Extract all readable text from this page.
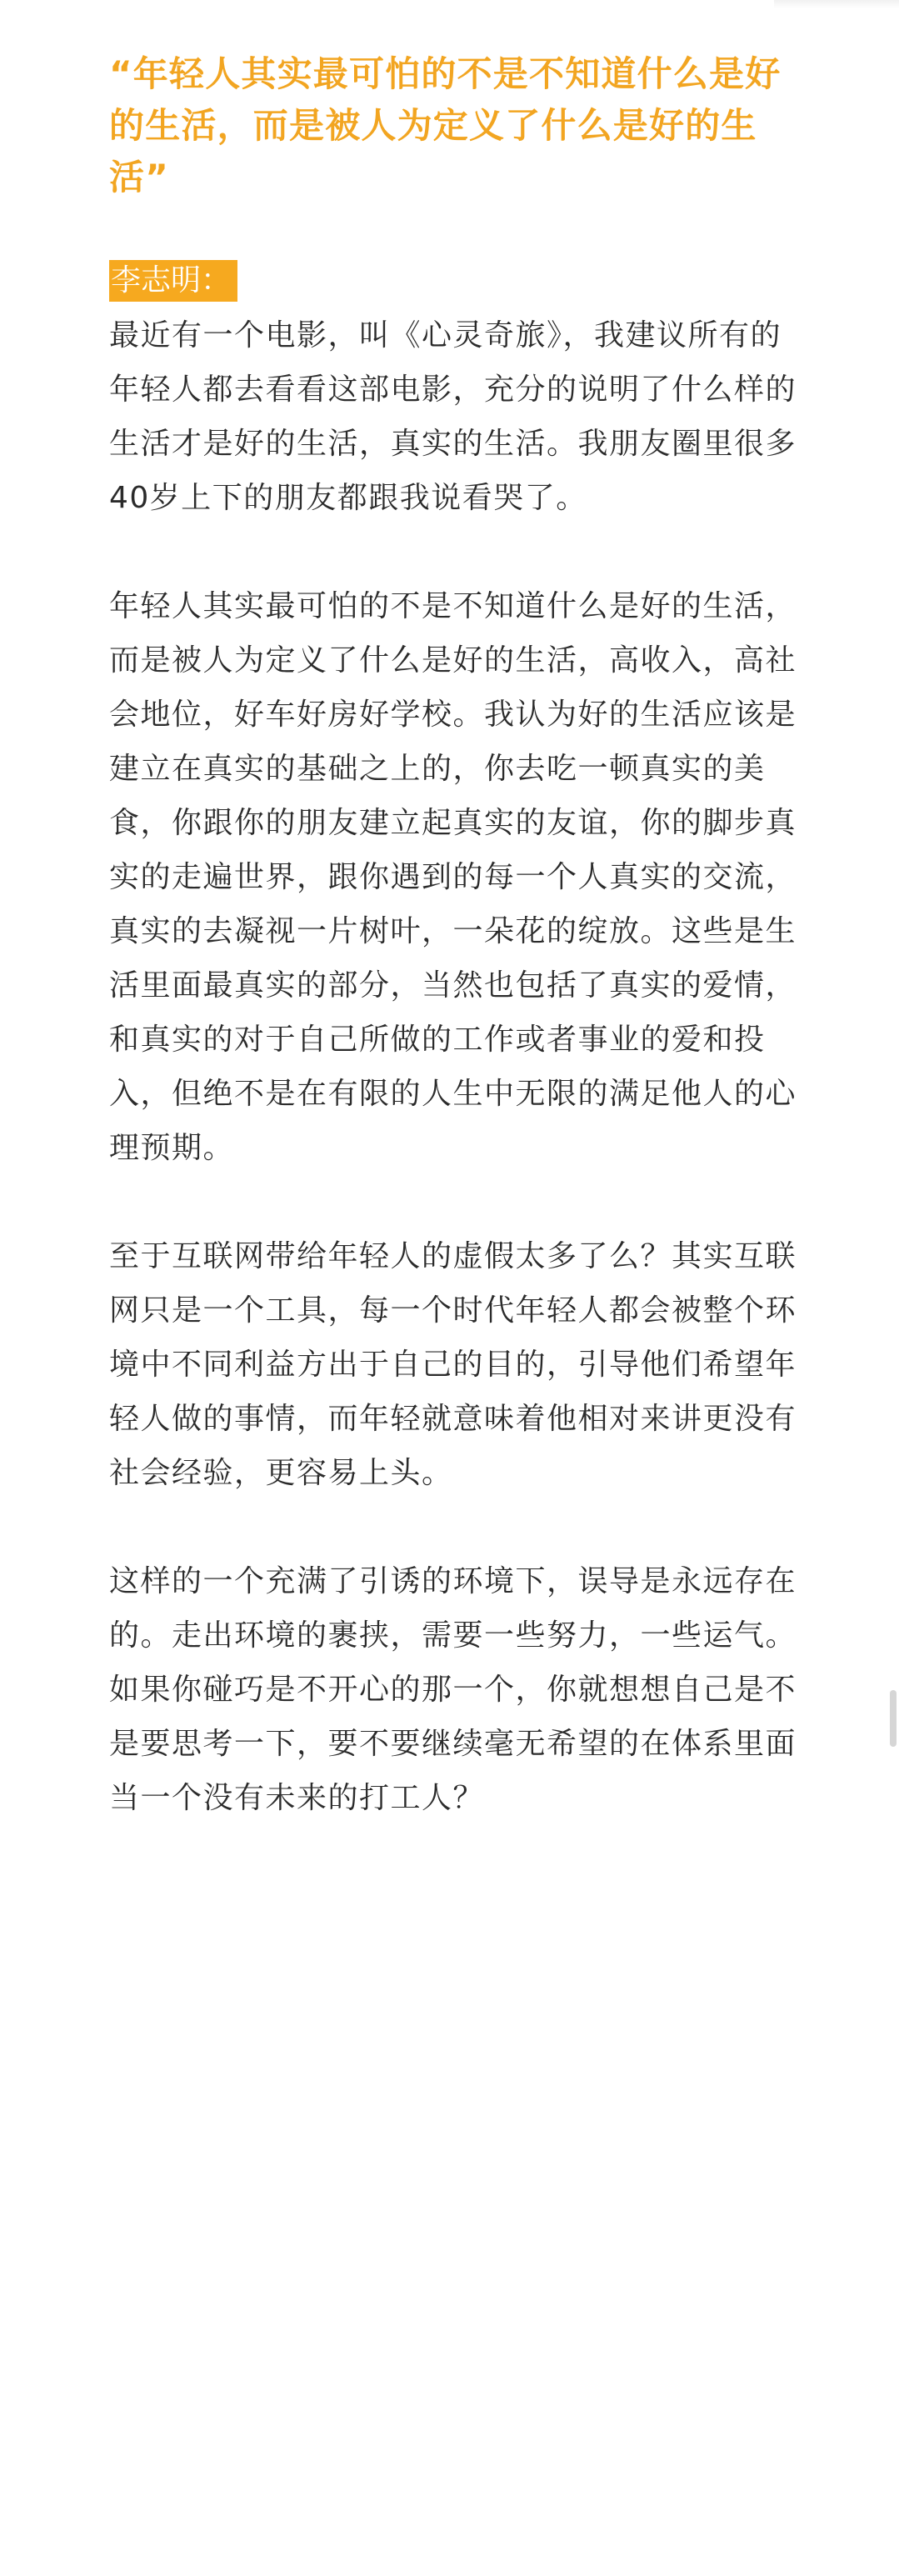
“年轻人其实最可怕的不是不知道什么是好的生活，而是被人为定义了什么是好的生活”
李志明：

最近有一个电影，叫《心灵奇旅》，我建议所有的年轻人都去看看这部电影，充分的说明了什么样的生活才是好的生活，真实的生活。我朋友圈里很多40岁上下的朋友都跟我说看哭了。

年轻人其实最可怕的不是不知道什么是好的生活，而是被人为定义了什么是好的生活，高收入，高社会地位，好车好房好学校。我认为好的生活应该是建立在真实的基础之上的，你去吃一顿真实的美食，你跟你的朋友建立起真实的友谊，你的脚步真实的走遍世界，跟你遇到的每一个人真实的交流，真实的去凝视一片树叶，一朵花的绽放。这些是生活里面最真实的部分，当然也包括了真实的爱情，和真实的对于自己所做的工作或者事业的爱和投入，但绝不是在有限的人生中无限的满足他人的心理预期。

至于互联网带给年轻人的虚假太多了么？其实互联网只是一个工具，每一个时代年轻人都会被整个环境中不同利益方出于自己的目的，引导他们希望年轻人做的事情，而年轻就意味着他相对来讲更没有社会经验，更容易上头。

这样的一个充满了引诱的环境下，误导是永远存在的。走出环境的裹挟，需要一些努力，一些运气。如果你碰巧是不开心的那一个，你就想想自己是不是要思考一下，要不要继续毫无希望的在体系里面当一个没有未来的打工人？
